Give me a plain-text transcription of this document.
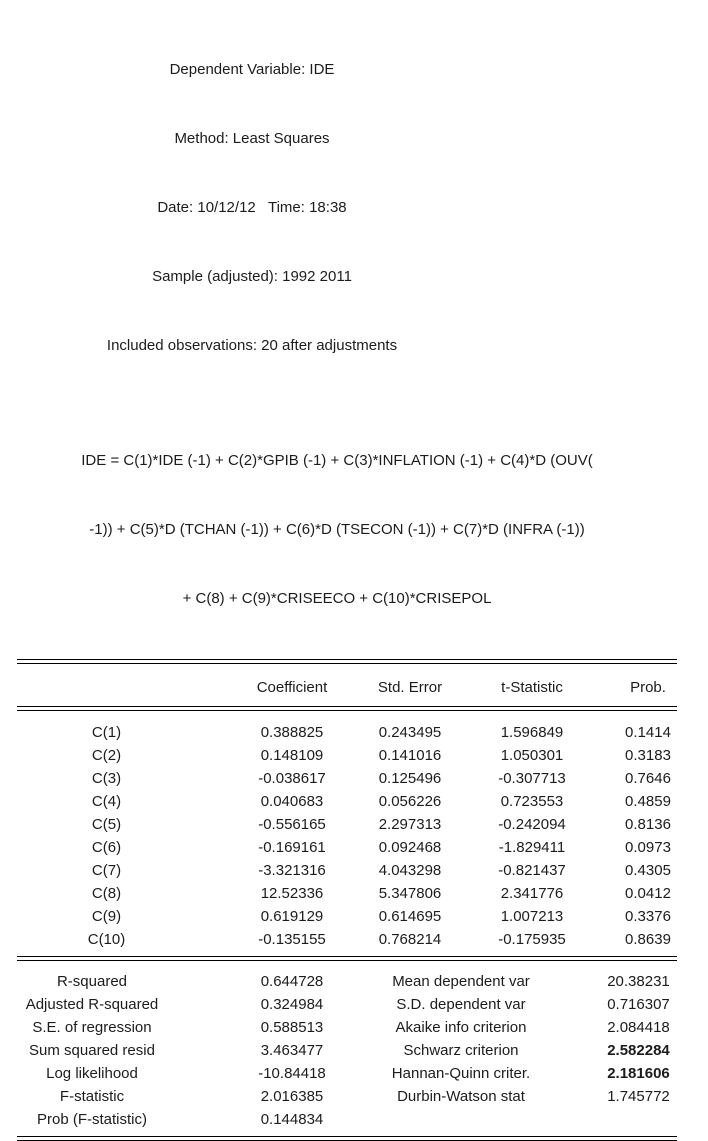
Dependent Variable: IDE

Method: Least Squares

Date: 10/12/12   Time: 18:38

Sample (adjusted): 1992 2011

Included observations: 20 after adjustments

IDE = C(1)*IDE (-1) + C(2)*GPIB (-1) + C(3)*INFLATION (-1) + C(4)*D (OUV(

-1)) + C(5)*D (TCHAN (-1)) + C(6)*D (TSECON (-1)) + C(7)*D (INFRA (-1))

+ C(8) + C(9)*CRISEECO + C(10)*CRISEPOL

	Coefficient	Std. Error	t-Statistic	Prob.
C(1)	0.388825	0.243495	1.596849	0.1414
C(2)	0.148109	0.141016	1.050301	0.3183
C(3)	-0.038617	0.125496	-0.307713	0.7646
C(4)	0.040683	0.056226	0.723553	0.4859
C(5)	-0.556165	2.297313	-0.242094	0.8136
C(6)	-0.169161	0.092468	-1.829411	0.0973
C(7)	-3.321316	4.043298	-0.821437	0.4305
C(8)	12.52336	5.347806	2.341776	0.0412
C(9)	0.619129	0.614695	1.007213	0.3376
C(10)	-0.135155	0.768214	-0.175935	0.8639
R-squared	0.644728	Mean dependent var	20.38231
Adjusted R-squared	0.324984	S.D. dependent var	0.716307
S.E. of regression	0.588513	Akaike info criterion	2.084418
Sum squared resid	3.463477	Schwarz criterion	2.582284
Log likelihood	-10.84418	Hannan-Quinn criter.	2.181606
F-statistic	2.016385	Durbin-Watson stat	1.745772
Prob (F-statistic)	0.144834		
